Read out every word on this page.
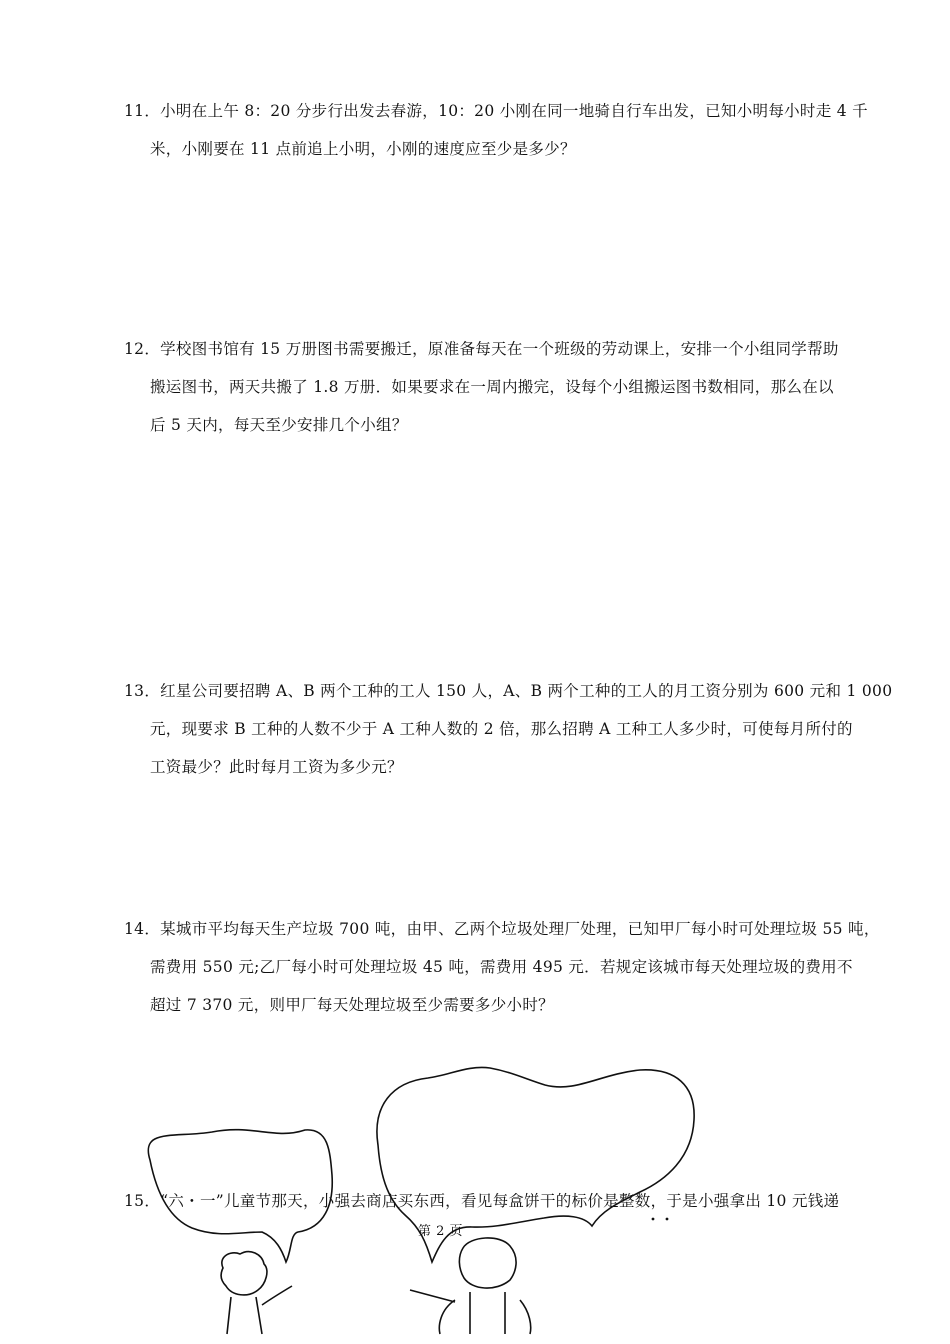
11．小明在上午 8：20 分步行出发去春游，10：20 小刚在同一地骑自行车出发，已知小明每小时走 4 千
米，小刚要在 11 点前追上小明，小刚的速度应至少是多少？
12．学校图书馆有 15 万册图书需要搬迁，原准备每天在一个班级的劳动课上，安排一个小组同学帮助
搬运图书，两天共搬了 1.8 万册．如果要求在一周内搬完，设每个小组搬运图书数相同，那么在以
后 5 天内，每天至少安排几个小组？
13．红星公司要招聘 A、B 两个工种的工人 150 人，A、B 两个工种的工人的月工资分别为 600 元和 1 000
元，现要求 B 工种的人数不少于 A 工种人数的 2 倍，那么招聘 A 工种工人多少时，可使每月所付的
工资最少？此时每月工资为多少元？
14．某城市平均每天生产垃圾 700 吨，由甲、乙两个垃圾处理厂处理，已知甲厂每小时可处理垃圾 55 吨，
需费用 550 元;乙厂每小时可处理垃圾 45 吨，需费用 495 元．若规定该城市每天处理垃圾的费用不
超过 7 370 元，则甲厂每天处理垃圾至少需要多少小时？
15．“六・一”儿童节那天，小强去商店买东西，看见每盒饼干的标价是整数，于是小强拿出 10 元钱递
第 2 页
